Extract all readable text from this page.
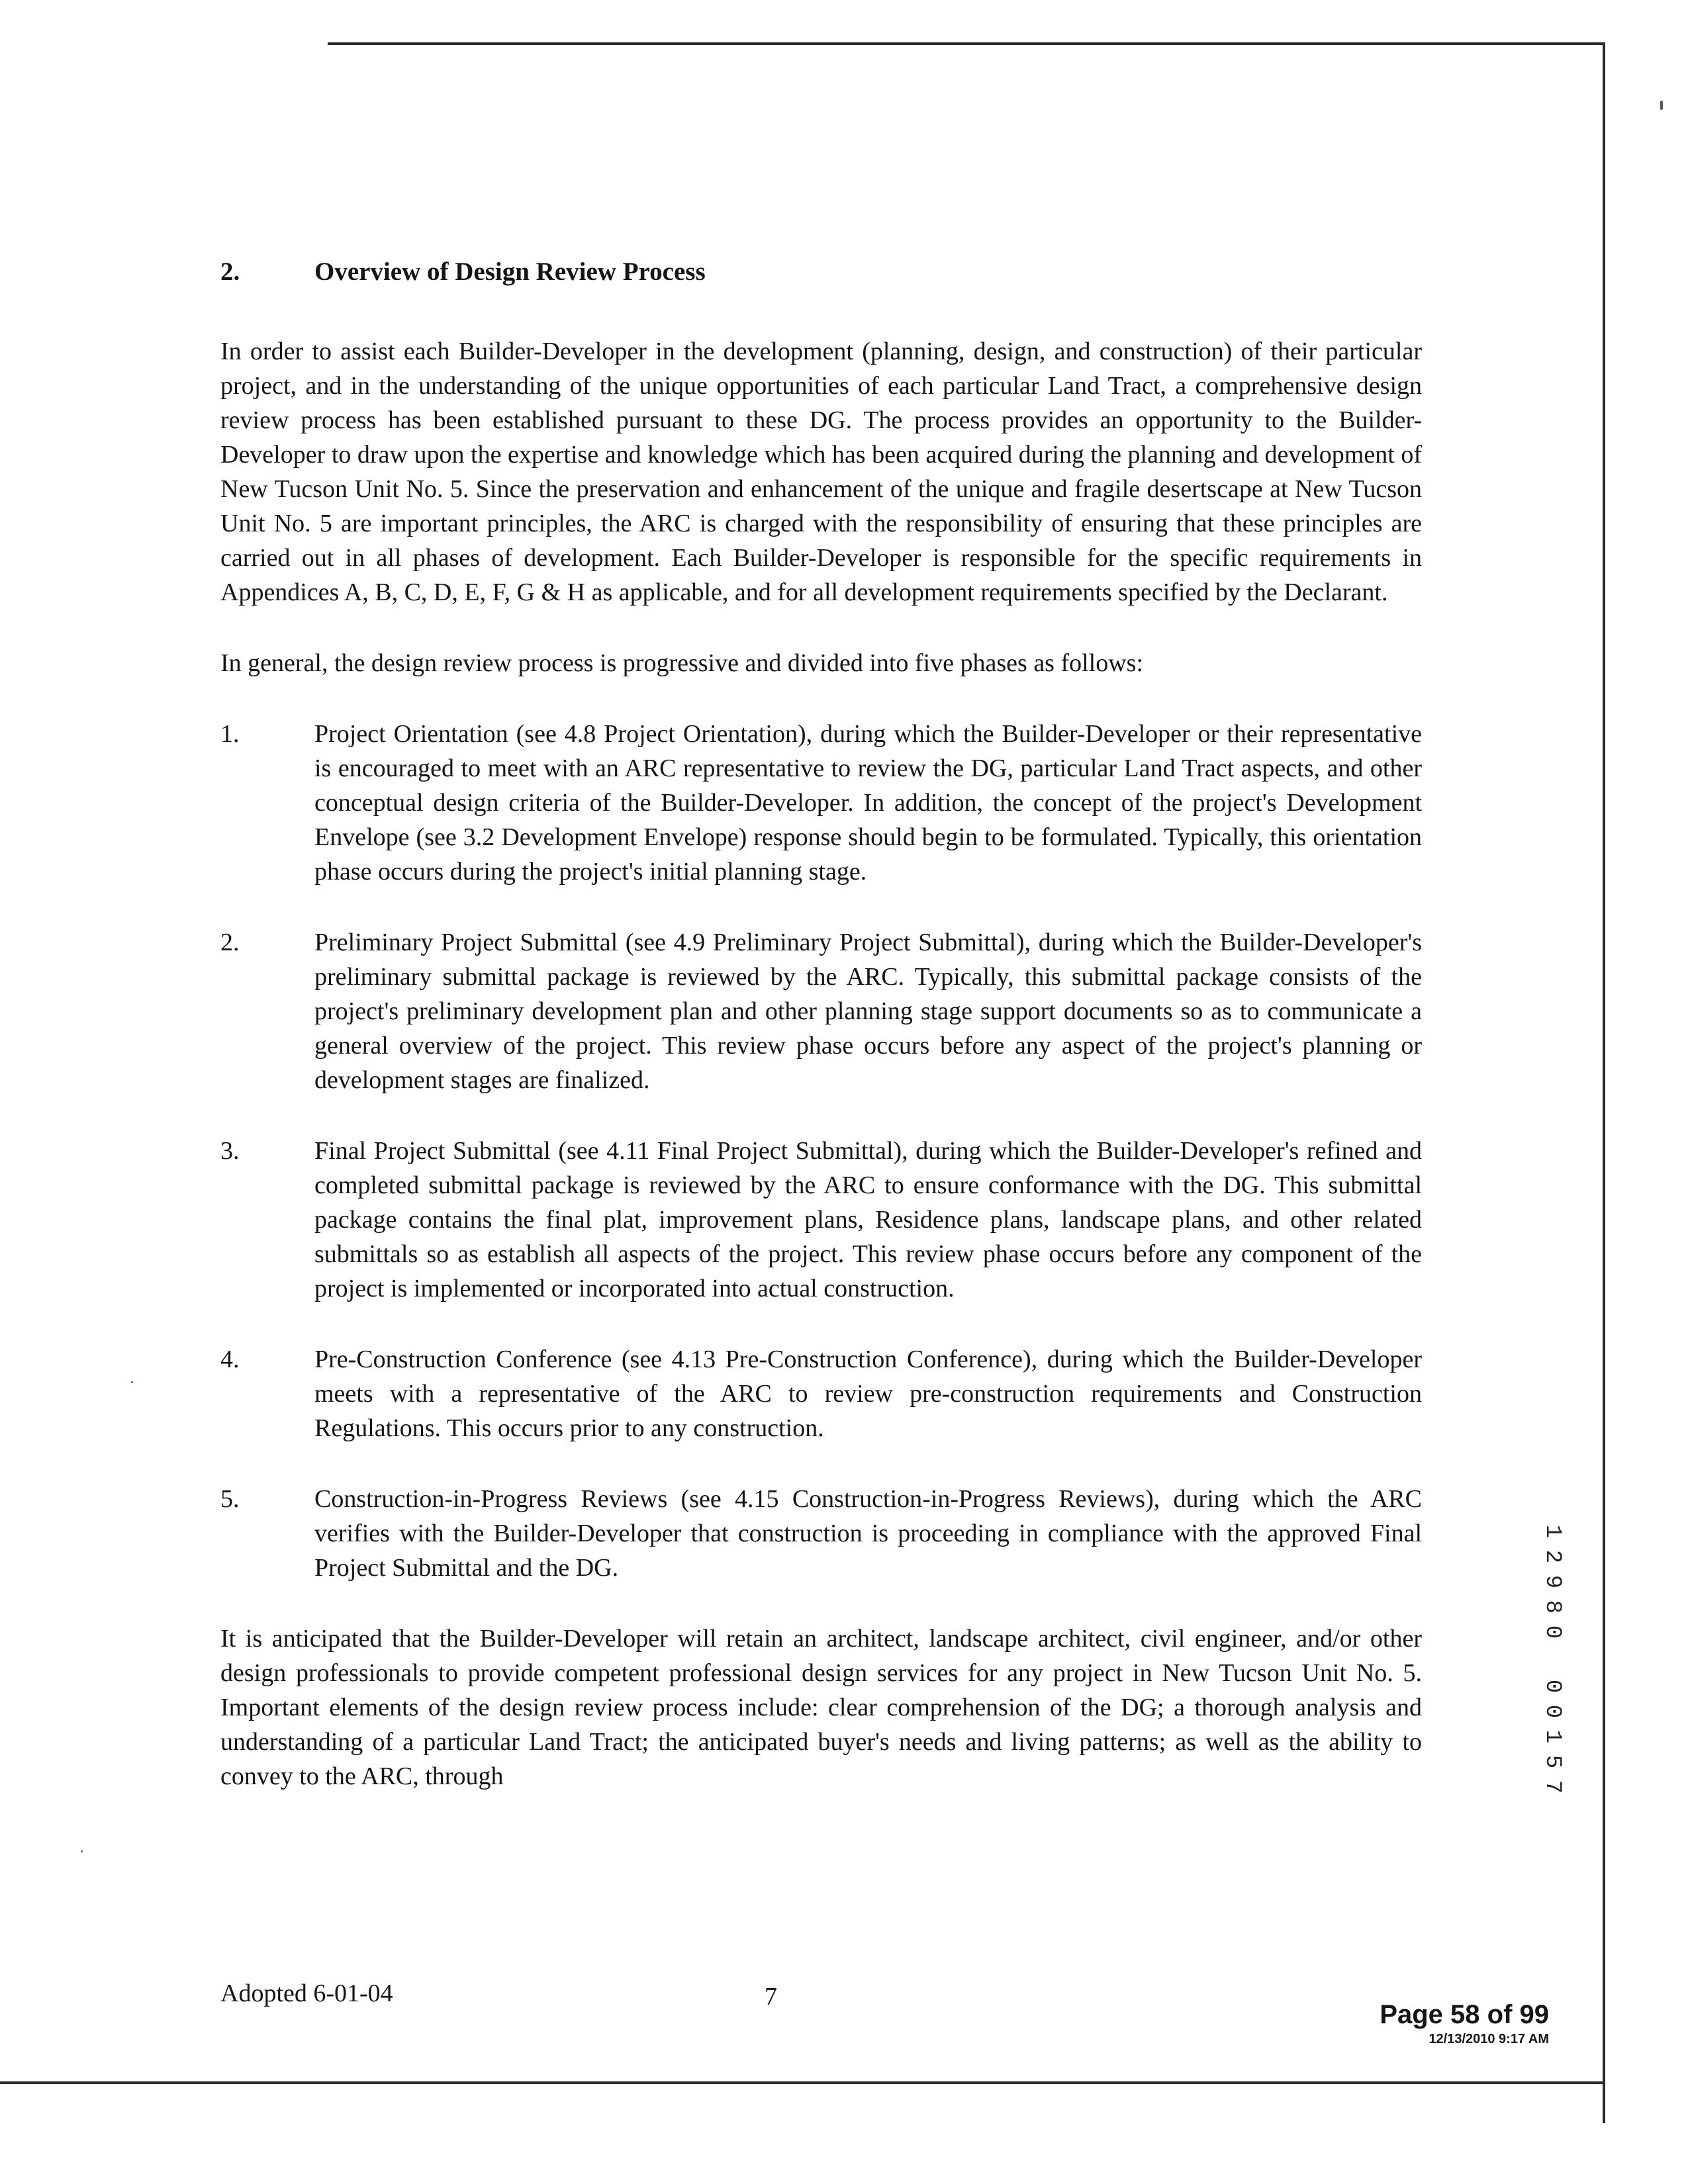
2.	Overview of Design Review Process

In order to assist each Builder-Developer in the development (planning, design, and construction) of their particular project, and in the understanding of the unique opportunities of each particular Land Tract, a comprehensive design review process has been established pursuant to these DG. The process provides an opportunity to the Builder-Developer to draw upon the expertise and knowledge which has been acquired during the planning and development of New Tucson Unit No. 5. Since the preservation and enhancement of the unique and fragile desertscape at New Tucson Unit No. 5 are important principles, the ARC is charged with the responsibility of ensuring that these principles are carried out in all phases of development. Each Builder-Developer is responsible for the specific requirements in Appendices A, B, C, D, E, F, G & H as applicable, and for all development requirements specified by the Declarant.

In general, the design review process is progressive and divided into five phases as follows:

1.	Project Orientation (see 4.8 Project Orientation), during which the Builder-Developer or their representative is encouraged to meet with an ARC representative to review the DG, particular Land Tract aspects, and other conceptual design criteria of the Builder-Developer. In addition, the concept of the project's Development Envelope (see 3.2 Development Envelope) response should begin to be formulated. Typically, this orientation phase occurs during the project's initial planning stage.
2.	Preliminary Project Submittal (see 4.9 Preliminary Project Submittal), during which the Builder-Developer's preliminary submittal package is reviewed by the ARC. Typically, this submittal package consists of the project's preliminary development plan and other planning stage support documents so as to communicate a general overview of the project. This review phase occurs before any aspect of the project's planning or development stages are finalized.
3.	Final Project Submittal (see 4.11 Final Project Submittal), during which the Builder-Developer's refined and completed submittal package is reviewed by the ARC to ensure conformance with the DG. This submittal package contains the final plat, improvement plans, Residence plans, landscape plans, and other related submittals so as establish all aspects of the project. This review phase occurs before any component of the project is implemented or incorporated into actual construction.
4.	Pre-Construction Conference (see 4.13 Pre-Construction Conference), during which the Builder-Developer meets with a representative of the ARC to review pre-construction requirements and Construction Regulations. This occurs prior to any construction.
5.	Construction-in-Progress Reviews (see 4.15 Construction-in-Progress Reviews), during which the ARC verifies with the Builder-Developer that construction is proceeding in compliance with the approved Final Project Submittal and the DG.

It is anticipated that the Builder-Developer will retain an architect, landscape architect, civil engineer, and/or other design professionals to provide competent professional design services for any project in New Tucson Unit No. 5. Important elements of the design review process include: clear comprehension of the DG; a thorough analysis and understanding of a particular Land Tract; the anticipated buyer's needs and living patterns; as well as the ability to convey to the ARC, through

1
2
9
8
0
0
0
1
5
7
Adopted 6-01-04	7
Page 58 of 99
12/13/2010 9:17 AM
